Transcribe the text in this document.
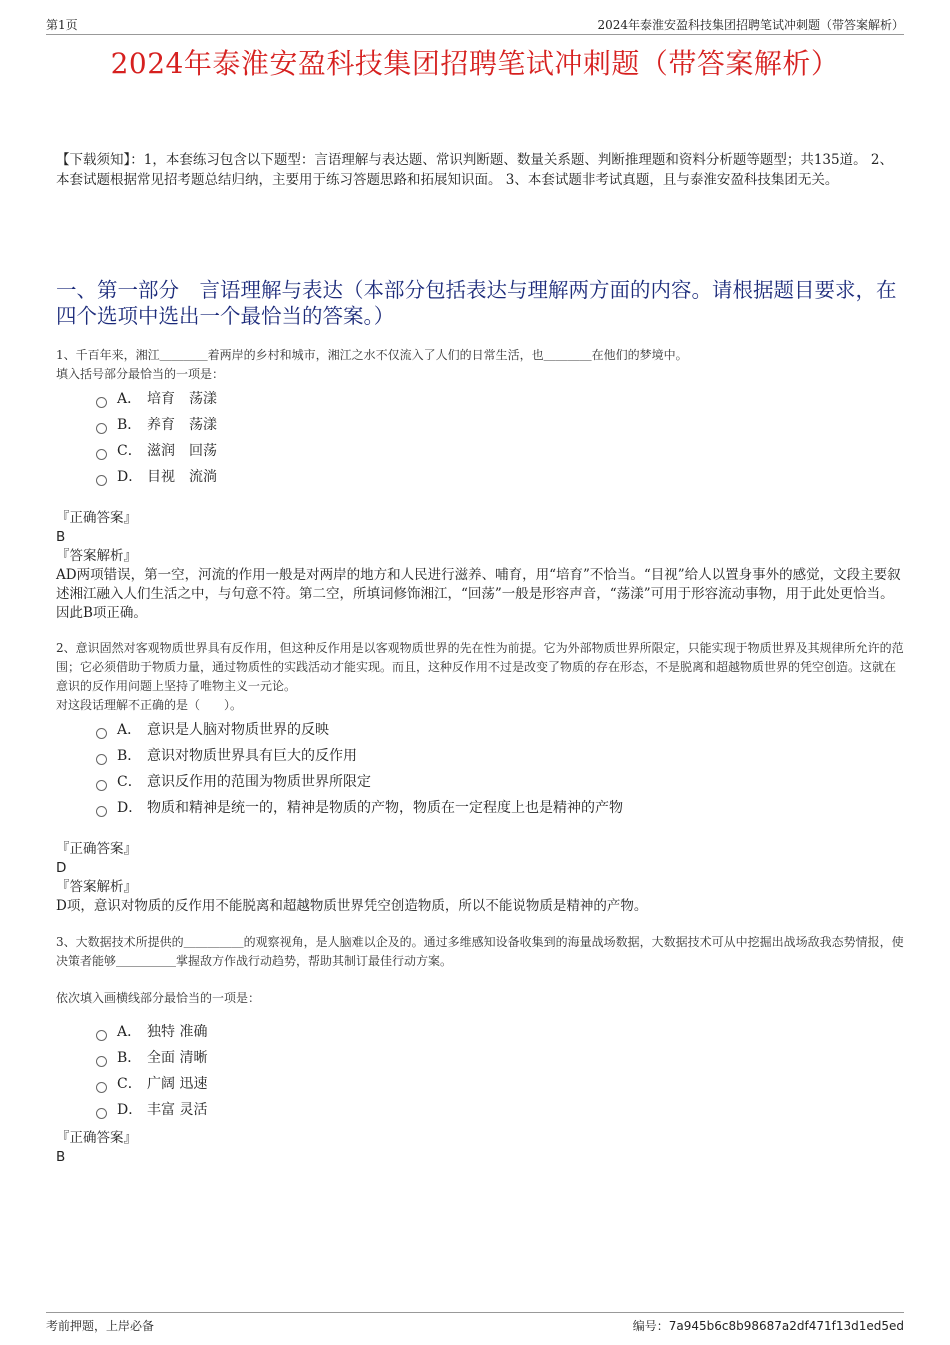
第1页	2024年泰淮安盈科技集团招聘笔试冲刺题（带答案解析）
2024年泰淮安盈科技集团招聘笔试冲刺题（带答案解析）
【下载须知】：1，本套练习包含以下题型：言语理解与表达题、常识判断题、数量关系题、判断推理题和资料分析题等题型；共135道。 2、本套试题根据常见招考题总结归纳，主要用于练习答题思路和拓展知识面。 3、本套试题非考试真题，且与泰淮安盈科技集团无关。
一、第一部分　言语理解与表达（本部分包括表达与理解两方面的内容。请根据题目要求，在四个选项中选出一个最恰当的答案。）
1、千百年来，湘江＿＿＿＿着两岸的乡村和城市，湘江之水不仅流入了人们的日常生活，也＿＿＿＿在他们的梦境中。
填入括号部分最恰当的一项是：
A． 培育　荡漾
B． 养育　荡漾
C． 滋润　回荡
D． 目视　流淌
『正确答案』
B
『答案解析』
AD两项错误，第一空，河流的作用一般是对两岸的地方和人民进行滋养、哺育，用“培育”不恰当。“目视”给人以置身事外的感觉，文段主要叙述湘江融入人们生活之中，与句意不符。第二空，所填词修饰湘江，“回荡”一般是形容声音，“荡漾”可用于形容流动事物，用于此处更恰当。因此B项正确。
2、意识固然对客观物质世界具有反作用，但这种反作用是以客观物质世界的先在性为前提。它为外部物质世界所限定，只能实现于物质世界及其规律所允许的范围；它必须借助于物质力量，通过物质性的实践活动才能实现。而且，这种反作用不过是改变了物质的存在形态，不是脱离和超越物质世界的凭空创造。这就在意识的反作用问题上坚持了唯物主义一元论。
对这段话理解不正确的是（　　）。
A． 意识是人脑对物质世界的反映
B． 意识对物质世界具有巨大的反作用
C． 意识反作用的范围为物质世界所限定
D． 物质和精神是统一的，精神是物质的产物，物质在一定程度上也是精神的产物
『正确答案』
D
『答案解析』
D项，意识对物质的反作用不能脱离和超越物质世界凭空创造物质，所以不能说物质是精神的产物。
3、大数据技术所提供的＿＿＿＿＿的观察视角，是人脑难以企及的。通过多维感知设备收集到的海量战场数据，大数据技术可从中挖掘出战场敌我态势情报，使决策者能够＿＿＿＿＿掌握敌方作战行动趋势，帮助其制订最佳行动方案。
依次填入画横线部分最恰当的一项是：
A． 独特 准确
B． 全面 清晰
C． 广阔 迅速
D． 丰富 灵活
『正确答案』
B
考前押题，上岸必备	编号：7a945b6c8b98687a2df471f13d1ed5ed
